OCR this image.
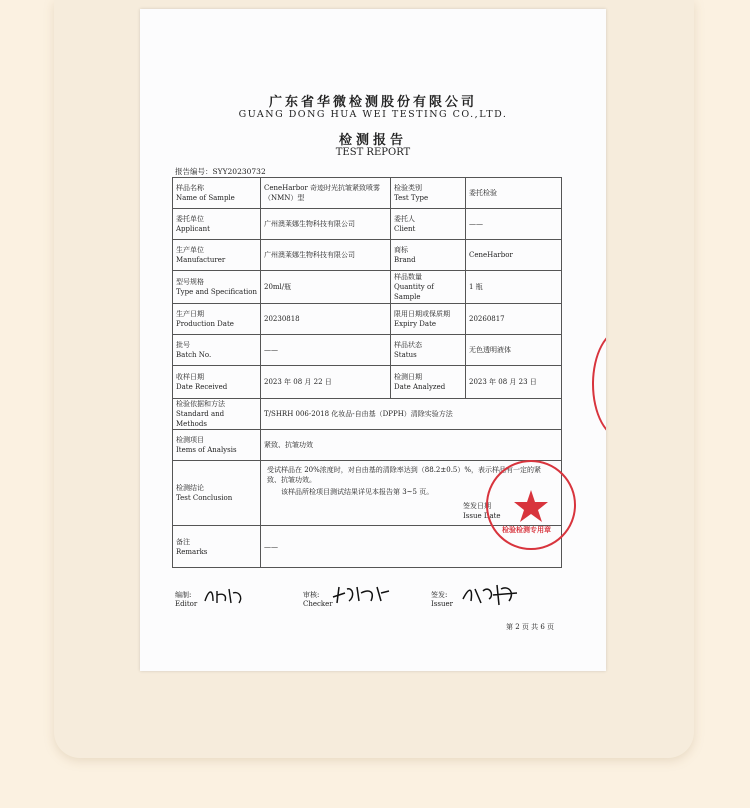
广东省华微检测股份有限公司
GUANG DONG HUA WEI TESTING CO.,LTD.
检测报告
TEST REPORT
报告编号：SYY20230732
样品名称
Name of Sample
CeneHarbor 奇迹时光抗皱紧致喷雾（NMN）型
检验类别
Test Type
委托检验
委托单位
Applicant
广州澳莱娜生物科技有限公司
委托人
Client
——
生产单位
Manufacturer
广州澳莱娜生物科技有限公司
商标
Brand
CeneHarbor
型号规格
Type and Specification
20ml/瓶
样品数量
Quantity of Sample
1 瓶
生产日期
Production Date
20230818
限用日期或保质期
Expiry Date
20260817
批号
Batch No.
——
样品状态
Status
无色透明液体
收样日期
Date Received
2023 年 08 月 22 日
检测日期
Date Analyzed
2023 年 08 月 23 日
检验依据和方法
Standard and Methods
T/SHRH 006-2018 化妆品-自由基（DPPH）清除实验方法
检测项目
Items of Analysis
紧致、抗皱功效
检测结论
Test Conclusion

受试样品在 20%浓度时，对自由基的清除率达到（88.2±0.5）%，表示样品有一定的紧致、抗皱功效。

该样品所检项目测试结果详见本报告第 3~5 页。

签发日期
Issue Date

备注
Remarks
——
编制:
Editor
审核:
Checker
签发:
Issuer
第 2 页 共 6 页
检验检测专用章
